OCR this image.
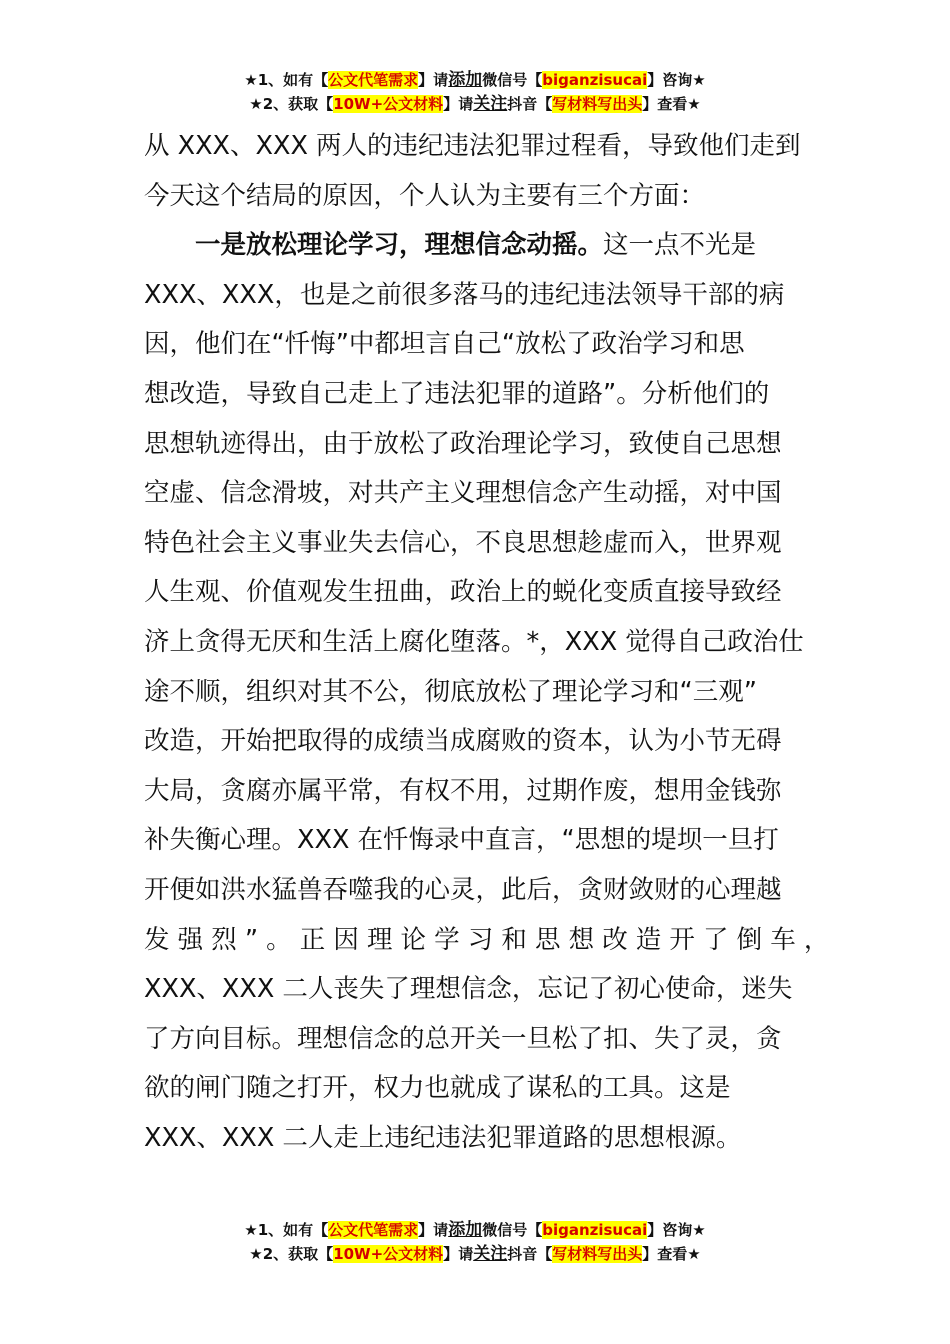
★1、如有【公文代笔需求】请添加微信号【biganzisucai】咨询★
★2、获取【10W+公文材料】请关注抖音【写材料写出头】查看★
从 XXX、XXX 两人的违纪违法犯罪过程看，导致他们走到
今天这个结局的原因，个人认为主要有三个方面：
一是放松理论学习，理想信念动摇。这一点不光是
XXX、XXX，也是之前很多落马的违纪违法领导干部的病
因，他们在“忏悔”中都坦言自己“放松了政治学习和思
想改造，导致自己走上了违法犯罪的道路”。分析他们的
思想轨迹得出，由于放松了政治理论学习，致使自己思想
空虚、信念滑坡，对共产主义理想信念产生动摇，对中国
特色社会主义事业失去信心，不良思想趁虚而入，世界观
人生观、价值观发生扭曲，政治上的蜕化变质直接导致经
济上贪得无厌和生活上腐化堕落。*，XXX 觉得自己政治仕
途不顺，组织对其不公，彻底放松了理论学习和“三观”
改造，开始把取得的成绩当成腐败的资本，认为小节无碍
大局，贪腐亦属平常，有权不用，过期作废，想用金钱弥
补失衡心理。XXX 在忏悔录中直言，“思想的堤坝一旦打
开便如洪水猛兽吞噬我的心灵，此后，贪财敛财的心理越
发 强 烈 ” 。 正 因 理 论 学 习 和 思 想 改 造 开 了 倒 车 ，
XXX、XXX 二人丧失了理想信念，忘记了初心使命，迷失
了方向目标。理想信念的总开关一旦松了扣、失了灵，贪
欲的闸门随之打开，权力也就成了谋私的工具。这是
XXX、XXX 二人走上违纪违法犯罪道路的思想根源。
★1、如有【公文代笔需求】请添加微信号【biganzisucai】咨询★
★2、获取【10W+公文材料】请关注抖音【写材料写出头】查看★
